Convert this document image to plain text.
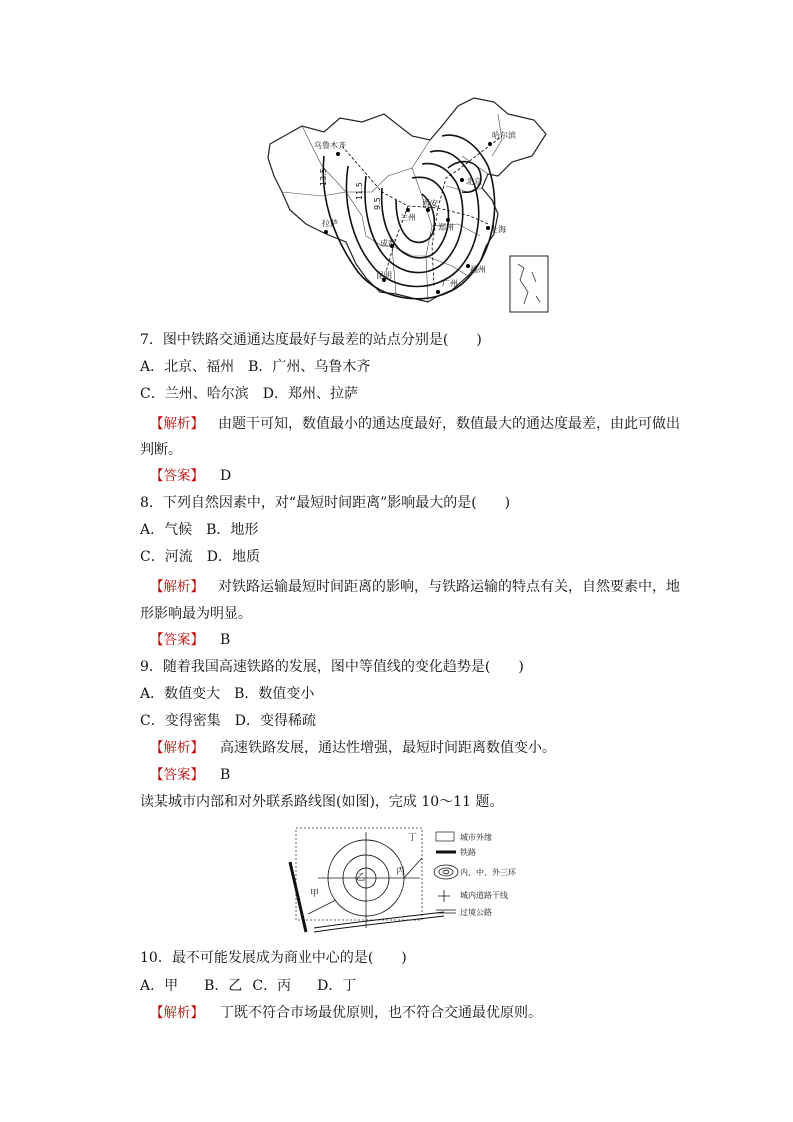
乌鲁木齐
哈尔滨
北京
兰州
西安
郑州	上海
拉萨
成都
昆明
福州
广州
13.5
11.5
9.5
7．图中铁路交通通达度最好与最差的站点分别是(　　)
A．北京、福州 B．广州、乌鲁木齐
C．兰州、哈尔滨 D．郑州、拉萨
【解析】 由题干可知，数值最小的通达度最好，数值最大的通达度最差，由此可做出判断。
【答案】 D
8．下列自然因素中，对“最短时间距离”影响最大的是(　　)
A．气候 B．地形
C．河流 D．地质
【解析】 对铁路运输最短时间距离的影响，与铁路运输的特点有关，自然要素中，地形影响最为明显。
【答案】 B
9．随着我国高速铁路的发展，图中等值线的变化趋势是(　　)
A．数值变大 B．数值变小
C．变得密集 D．变得稀疏
【解析】 高速铁路发展，通达性增强，最短时间距离数值变小。
【答案】 B
读某城市内部和对外联系路线图(如图)，完成 10～11 题。
甲
乙
丙
丁	城市外缘
铁路
内、中、外三环
城内道路干线
过境公路
10．最不可能发展成为商业中心的是(　　)
A．甲 B．乙 C．丙 D．丁
【解析】 丁既不符合市场最优原则，也不符合交通最优原则。
